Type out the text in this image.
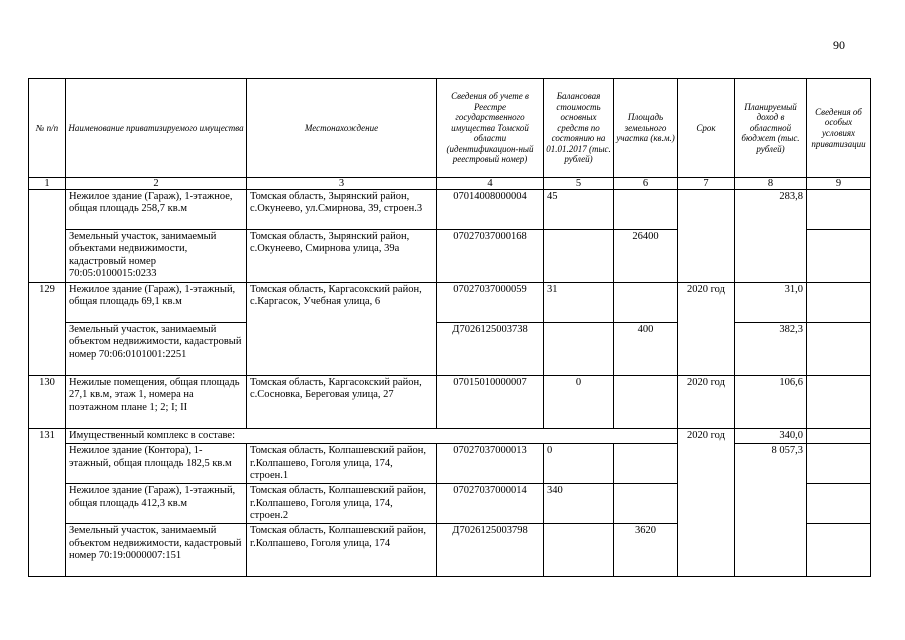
90
№ п/п	Наименование приватизируемого имущества	Местонахождение	Сведения об учете в Реестре государственного имущества Томской области (идентификацион-ный реестровый номер)	Балансовая стоимость основных средств по состоянию на 01.01.2017 (тыс. рублей)	Площадь земельного участка (кв.м.)	Срок	Планируемый доход в областной бюджет (тыс. рублей)	Сведения об особых условиях приватизации
1	2	3	4	5	6	7	8	9
	Нежилое здание (Гараж), 1-этажное, общая площадь 258,7 кв.м	Томская область, Зырянский район, с.Окунеево, ул.Смирнова, 39, строен.3	07014008000004	45			283,8	
	Земельный участок, занимаемый объектами недвижимости, кадастровый номер 70:05:0100015:0233	Томская область, Зырянский район, с.Окунеево, Смирнова улица, 39а	07027037000168		26400			
129	Нежилое здание (Гараж), 1-этажный, общая площадь 69,1 кв.м	Томская область, Каргасокский район, с.Каргасок, Учебная улица, 6	07027037000059	31		2020 год	31,0	
	Земельный участок, занимаемый объектом недвижимости, кадастровый номер 70:06:0101001:2251		Д7026125003738		400		382,3	
130	Нежилые помещения, общая площадь 27,1 кв.м, этаж 1, номера на поэтажном плане 1; 2; I; II	Томская область, Каргасокский район, с.Сосновка, Береговая улица, 27	07015010000007	0		2020 год	106,6	
131	Имущественный комплекс в составе:					2020 год	340,0	
	Нежилое здание (Контора), 1-этажный, общая площадь 182,5 кв.м	Томская область, Колпашевский район, г.Колпашево, Гоголя улица, 174, строен.1	07027037000013	0			8 057,3	
	Нежилое здание (Гараж), 1-этажный, общая площадь 412,3 кв.м	Томская область, Колпашевский район, г.Колпашево, Гоголя улица, 174, строен.2	07027037000014	340				
	Земельный участок, занимаемый объектом недвижимости, кадастровый номер 70:19:0000007:151	Томская область, Колпашевский район, г.Колпашево, Гоголя улица, 174	Д7026125003798		3620			
